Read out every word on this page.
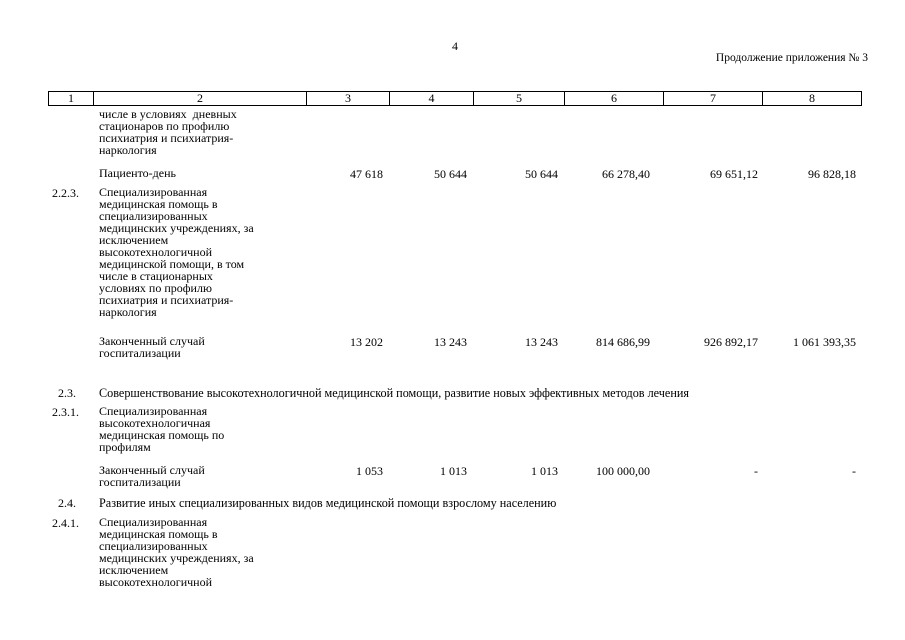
4
Продолжение приложения № 3
1	2	3	4	5	6	7	8
числе в условиях  дневных
стационаров по профилю
психиатрия и психиатрия-
наркология
Пациенто-день	47 618	50 644	50 644	66 278,40	69 651,12	96 828,18
2.2.3. Специализированная
медицинская помощь в
специализированных
медицинских учреждениях, за
исключением
высокотехнологичной
медицинской помощи, в том
числе в стационарных
условиях по профилю
психиатрия и психиатрия-
наркология
Законченный случай
госпитализации
13 202	13 243	13 243	814 686,99	926 892,17	1 061 393,35
2.3. Совершенствование высокотехнологичной медицинской помощи, развитие новых эффективных методов лечения
2.3.1. Специализированная
высокотехнологичная
медицинская помощь по
профилям
Законченный случай
госпитализации
1 053	1 013	1 013	100 000,00	-	-
2.4. Развитие иных специализированных видов медицинской помощи взрослому населению
2.4.1. Специализированная
медицинская помощь в
специализированных
медицинских учреждениях, за
исключением
высокотехнологичной
